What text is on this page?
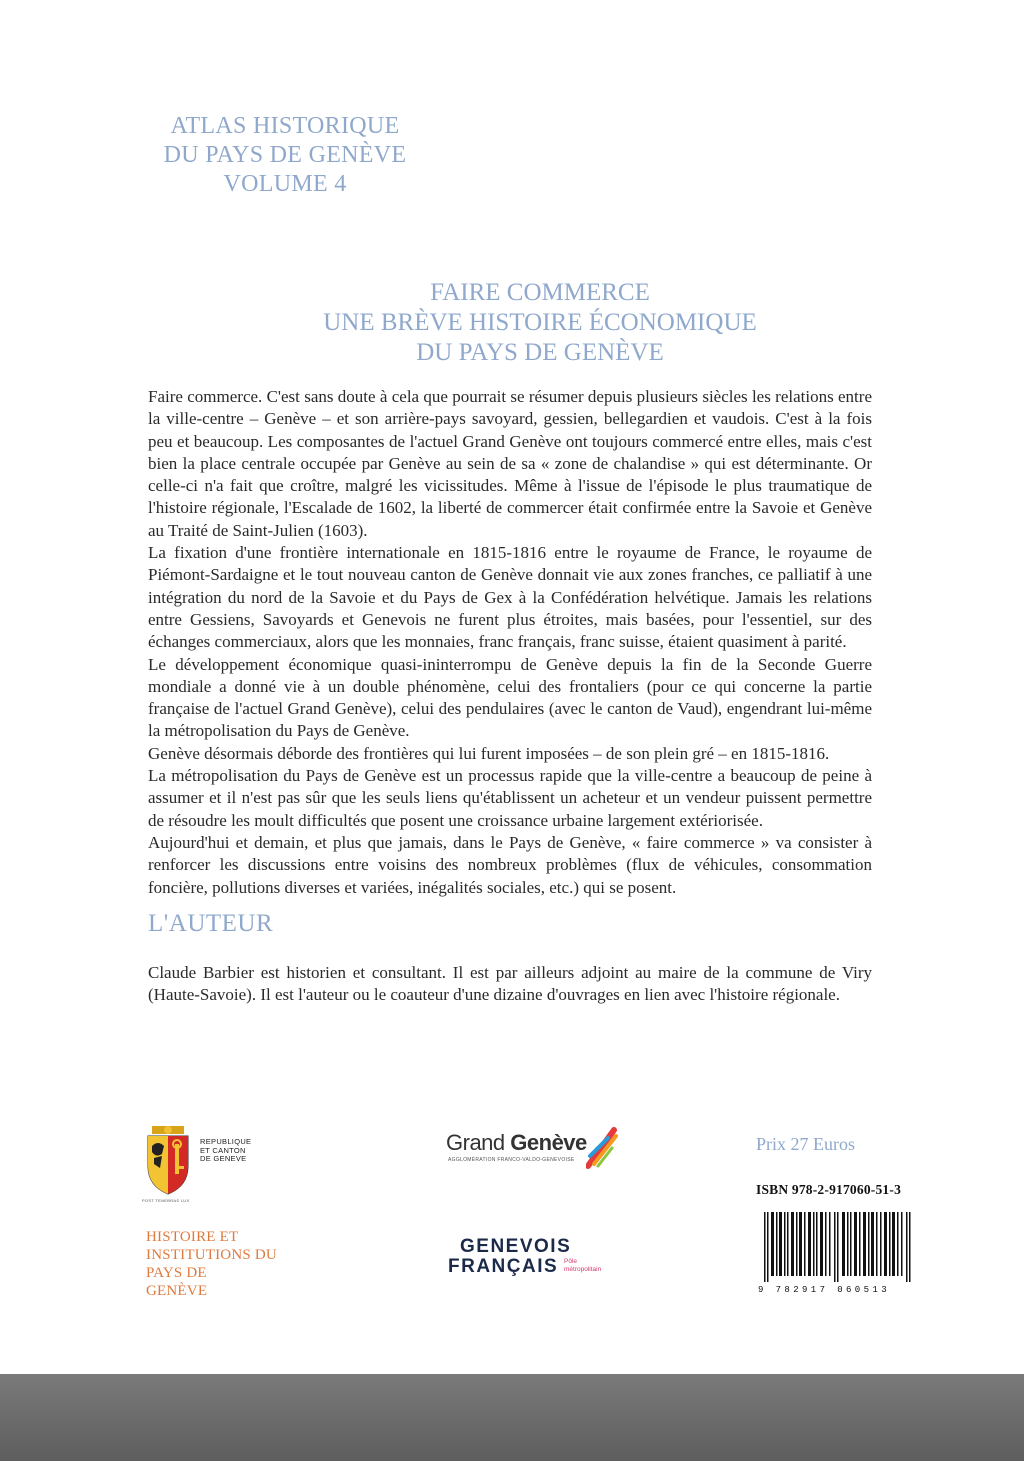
ATLAS HISTORIQUE
DU PAYS DE GENÈVE
VOLUME 4
FAIRE COMMERCE
UNE BRÈVE HISTOIRE ÉCONOMIQUE
DU PAYS DE GENÈVE

Faire commerce. C'est sans doute à cela que pourrait se résumer depuis plusieurs siècles les relations entre la ville-centre – Genève – et son arrière-pays savoyard, gessien, bellegardien et vaudois. C'est à la fois peu et beaucoup. Les composantes de l'actuel Grand Genève ont toujours commercé entre elles, mais c'est bien la place centrale occupée par Genève au sein de sa « zone de chalandise » qui est déterminante. Or celle-ci n'a fait que croître, malgré les vicissitudes. Même à l'issue de l'épisode le plus traumatique de l'histoire régionale, l'Escalade de 1602, la liberté de commercer était confirmée entre la Savoie et Genève au Traité de Saint-Julien (1603).

La fixation d'une frontière internationale en 1815-1816 entre le royaume de France, le royaume de Piémont-Sardaigne et le tout nouveau canton de Genève donnait vie aux zones franches, ce palliatif à une intégration du nord de la Savoie et du Pays de Gex à la Confédération helvétique. Jamais les relations entre Gessiens, Savoyards et Genevois ne furent plus étroites, mais basées, pour l'essentiel, sur des échanges commerciaux, alors que les monnaies, franc français, franc suisse, étaient quasiment à parité.

Le développement économique quasi-ininterrompu de Genève depuis la fin de la Seconde Guerre mondiale a donné vie à un double phénomène, celui des frontaliers (pour ce qui concerne la partie française de l'actuel Grand Genève), celui des pendulaires (avec le canton de Vaud), engendrant lui-même la métropolisation du Pays de Genève.

Genève désormais déborde des frontières qui lui furent imposées – de son plein gré – en 1815-1816.

La métropolisation du Pays de Genève est un processus rapide que la ville-centre a beaucoup de peine à assumer et il n'est pas sûr que les seuls liens qu'établissent un acheteur et un vendeur puissent permettre de résoudre les moult difficultés que posent une croissance urbaine largement extériorisée.

Aujourd'hui et demain, et plus que jamais, dans le Pays de Genève, « faire commerce » va consister à renforcer les discussions entre voisins des nombreux problèmes (flux de véhicules, consommation foncière, pollutions diverses et variées, inégalités sociales, etc.) qui se posent.

L'AUTEUR
Claude Barbier est historien et consultant. Il est par ailleurs adjoint au maire de la commune de Viry (Haute-Savoie). Il est l'auteur ou le coauteur d'une dizaine d'ouvrages en lien avec l'histoire régionale.
REPUBLIQUE
ET CANTON
DE GENEVE
POST TENEBRAS LUX
HISTOIRE ET
INSTITUTIONS DU
PAYS DE
GENÈVE
Grand Genève
AGGLOMÉRATION FRANCO-VALDO-GENEVOISE
GENEVOIS
FRANÇAIS Pôle
métropolitain
Prix 27 Euros
ISBN 978-2-917060-51-3
9 782917 060513
